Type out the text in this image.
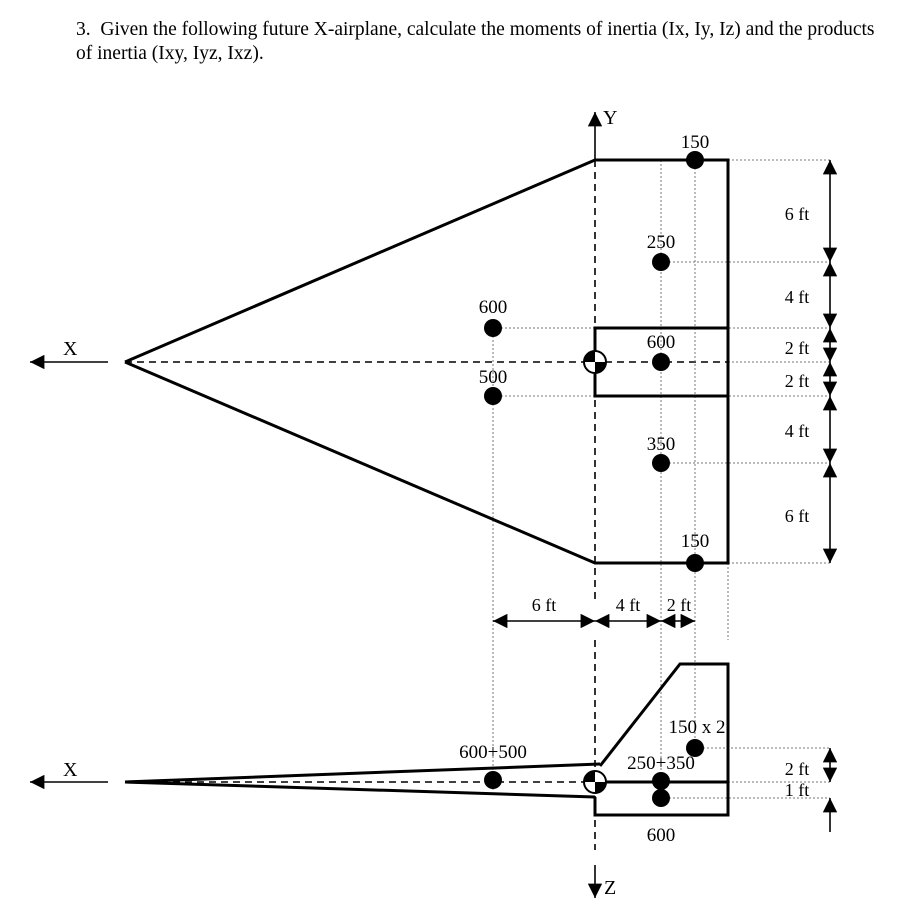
3. Given the following future X-airplane, calculate the moments of inertia (Ix, Iy, Iz) and the products of inertia (Ixy, Iyz, Ixz).
Y
X
150
250
600
600
500
350
150
6 ft
4 ft
2 ft
2 ft
4 ft
6 ft
6 ft	4 ft 2 ft
X
Z
600+500
150 x 2
250+350
600
2 ft
1 ft
